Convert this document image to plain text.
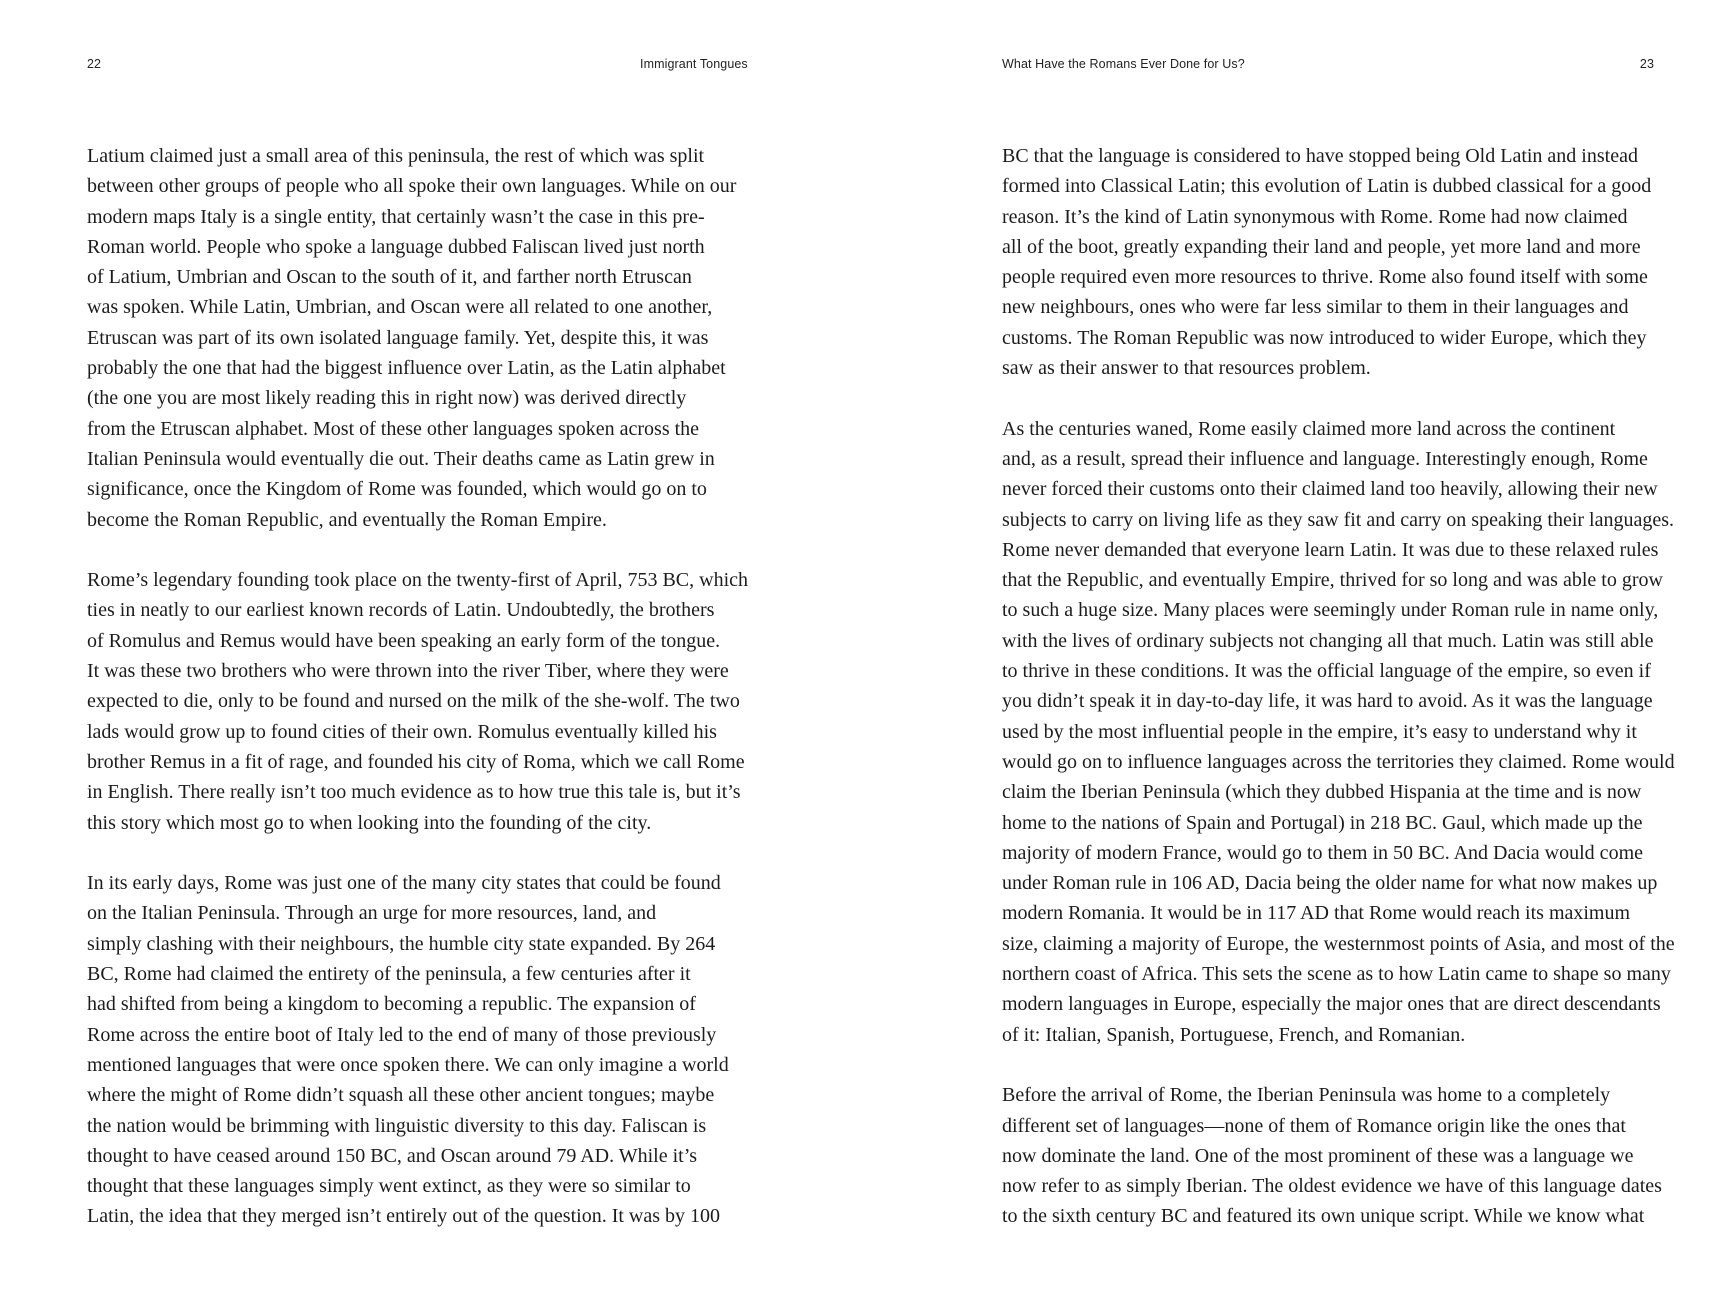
22	Immigrant Tongues
Latium claimed just a small area of this peninsula, the rest of which was split
between other groups of people who all spoke their own languages. While on our
modern maps Italy is a single entity, that certainly wasn’t the case in this pre-
Roman world. People who spoke a language dubbed Faliscan lived just north
of Latium, Umbrian and Oscan to the south of it, and farther north Etruscan
was spoken. While Latin, Umbrian, and Oscan were all related to one another,
Etruscan was part of its own isolated language family. Yet, despite this, it was
probably the one that had the biggest influence over Latin, as the Latin alphabet
(the one you are most likely reading this in right now) was derived directly
from the Etruscan alphabet. Most of these other languages spoken across the
Italian Peninsula would eventually die out. Their deaths came as Latin grew in
significance, once the Kingdom of Rome was founded, which would go on to
become the Roman Republic, and eventually the Roman Empire.
Rome’s legendary founding took place on the twenty-first of April, 753 BC, which
ties in neatly to our earliest known records of Latin. Undoubtedly, the brothers
of Romulus and Remus would have been speaking an early form of the tongue.
It was these two brothers who were thrown into the river Tiber, where they were
expected to die, only to be found and nursed on the milk of the she-wolf. The two
lads would grow up to found cities of their own. Romulus eventually killed his
brother Remus in a fit of rage, and founded his city of Roma, which we call Rome
in English. There really isn’t too much evidence as to how true this tale is, but it’s
this story which most go to when looking into the founding of the city.
In its early days, Rome was just one of the many city states that could be found
on the Italian Peninsula. Through an urge for more resources, land, and
simply clashing with their neighbours, the humble city state expanded. By 264
BC, Rome had claimed the entirety of the peninsula, a few centuries after it
had shifted from being a kingdom to becoming a republic. The expansion of
Rome across the entire boot of Italy led to the end of many of those previously
mentioned languages that were once spoken there. We can only imagine a world
where the might of Rome didn’t squash all these other ancient tongues; maybe
the nation would be brimming with linguistic diversity to this day. Faliscan is
thought to have ceased around 150 BC, and Oscan around 79 AD. While it’s
thought that these languages simply went extinct, as they were so similar to
Latin, the idea that they merged isn’t entirely out of the question. It was by 100
What Have the Romans Ever Done for Us?	23
BC that the language is considered to have stopped being Old Latin and instead
formed into Classical Latin; this evolution of Latin is dubbed classical for a good
reason. It’s the kind of Latin synonymous with Rome. Rome had now claimed
all of the boot, greatly expanding their land and people, yet more land and more
people required even more resources to thrive. Rome also found itself with some
new neighbours, ones who were far less similar to them in their languages and
customs. The Roman Republic was now introduced to wider Europe, which they
saw as their answer to that resources problem.
As the centuries waned, Rome easily claimed more land across the continent
and, as a result, spread their influence and language. Interestingly enough, Rome
never forced their customs onto their claimed land too heavily, allowing their new
subjects to carry on living life as they saw fit and carry on speaking their languages.
Rome never demanded that everyone learn Latin. It was due to these relaxed rules
that the Republic, and eventually Empire, thrived for so long and was able to grow
to such a huge size. Many places were seemingly under Roman rule in name only,
with the lives of ordinary subjects not changing all that much. Latin was still able
to thrive in these conditions. It was the official language of the empire, so even if
you didn’t speak it in day-to-day life, it was hard to avoid. As it was the language
used by the most influential people in the empire, it’s easy to understand why it
would go on to influence languages across the territories they claimed. Rome would
claim the Iberian Peninsula (which they dubbed Hispania at the time and is now
home to the nations of Spain and Portugal) in 218 BC. Gaul, which made up the
majority of modern France, would go to them in 50 BC. And Dacia would come
under Roman rule in 106 AD, Dacia being the older name for what now makes up
modern Romania. It would be in 117 AD that Rome would reach its maximum
size, claiming a majority of Europe, the westernmost points of Asia, and most of the
northern coast of Africa. This sets the scene as to how Latin came to shape so many
modern languages in Europe, especially the major ones that are direct descendants
of it: Italian, Spanish, Portuguese, French, and Romanian.
Before the arrival of Rome, the Iberian Peninsula was home to a completely
different set of languages—none of them of Romance origin like the ones that
now dominate the land. One of the most prominent of these was a language we
now refer to as simply Iberian. The oldest evidence we have of this language dates
to the sixth century BC and featured its own unique script. While we know what
